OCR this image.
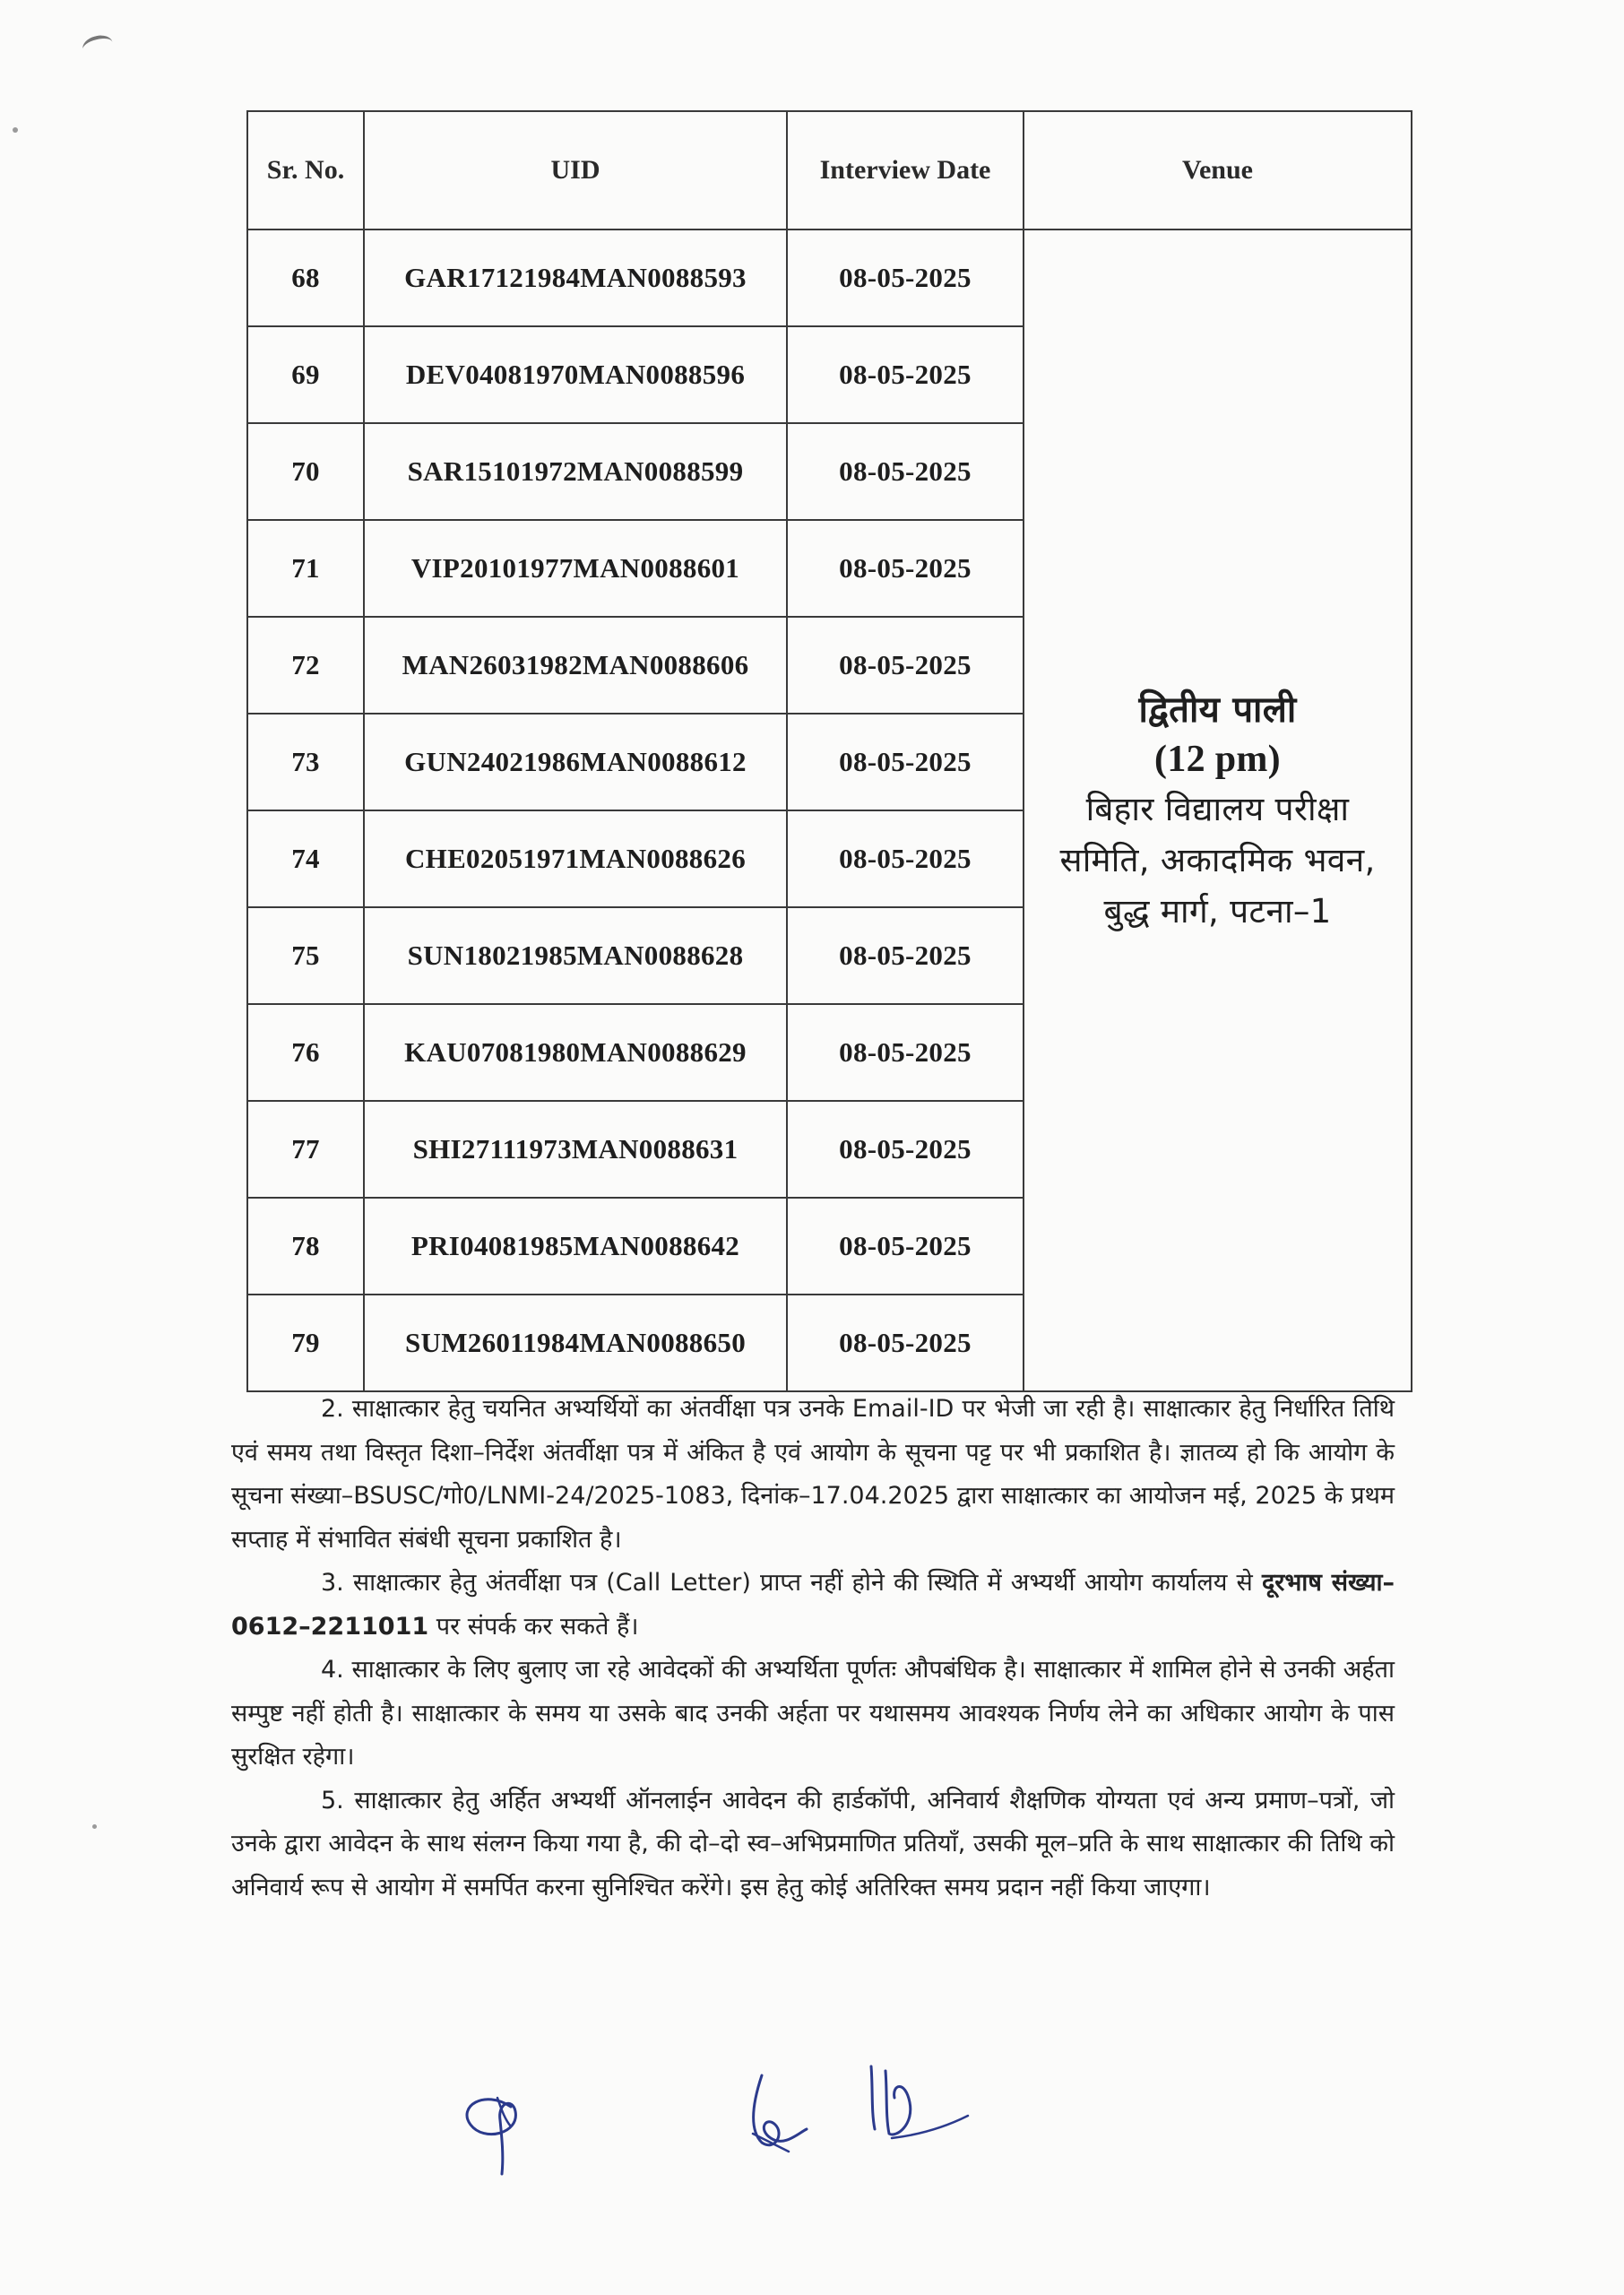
Sr. No.	UID	Interview Date	Venue
68	GAR17121984MAN0088593	08-05-2025	द्वितीय पाली
(12 pm)
बिहार विद्यालय परीक्षा समिति, अकादमिक भवन, बुद्ध मार्ग, पटना–1

69	DEV04081970MAN0088596	08-05-2025	
70	SAR15101972MAN0088599	08-05-2025	
71	VIP20101977MAN0088601	08-05-2025	
72	MAN26031982MAN0088606	08-05-2025	
73	GUN24021986MAN0088612	08-05-2025	
74	CHE02051971MAN0088626	08-05-2025	
75	SUN18021985MAN0088628	08-05-2025	
76	KAU07081980MAN0088629	08-05-2025	
77	SHI27111973MAN0088631	08-05-2025	
78	PRI04081985MAN0088642	08-05-2025	
79	SUM26011984MAN0088650	08-05-2025	

2. साक्षात्कार हेतु चयनित अभ्यर्थियों का अंतर्वीक्षा पत्र उनके Email-ID पर भेजी जा रही है। साक्षात्कार हेतु निर्धारित तिथि एवं समय तथा विस्तृत दिशा–निर्देश अंतर्वीक्षा पत्र में अंकित है एवं आयोग के सूचना पट्ट पर भी प्रकाशित है। ज्ञातव्य हो कि आयोग के सूचना संख्या–BSUSC/गो0/LNMI-24/2025-1083, दिनांक–17.04.2025 द्वारा साक्षात्कार का आयोजन मई, 2025 के प्रथम सप्ताह में संभावित संबंधी सूचना प्रकाशित है।

3. साक्षात्कार हेतु अंतर्वीक्षा पत्र (Call Letter) प्राप्त नहीं होने की स्थिति में अभ्यर्थी आयोग कार्यालय से दूरभाष संख्या–0612–2211011 पर संपर्क कर सकते हैं।

4. साक्षात्कार के लिए बुलाए जा रहे आवेदकों की अभ्यर्थिता पूर्णतः औपबंधिक है। साक्षात्कार में शामिल होने से उनकी अर्हता सम्पुष्ट नहीं होती है। साक्षात्कार के समय या उसके बाद उनकी अर्हता पर यथासमय आवश्यक निर्णय लेने का अधिकार आयोग के पास सुरक्षित रहेगा।

5. साक्षात्कार हेतु अर्हित अभ्यर्थी ऑनलाईन आवेदन की हार्डकॉपी, अनिवार्य शैक्षणिक योग्यता एवं अन्य प्रमाण–पत्रों, जो उनके द्वारा आवेदन के साथ संलग्न किया गया है, की दो–दो स्व–अभिप्रमाणित प्रतियाँ, उसकी मूल–प्रति के साथ साक्षात्कार की तिथि को अनिवार्य रूप से आयोग में समर्पित करना सुनिश्चित करेंगे। इस हेतु कोई अतिरिक्त समय प्रदान नहीं किया जाएगा।
